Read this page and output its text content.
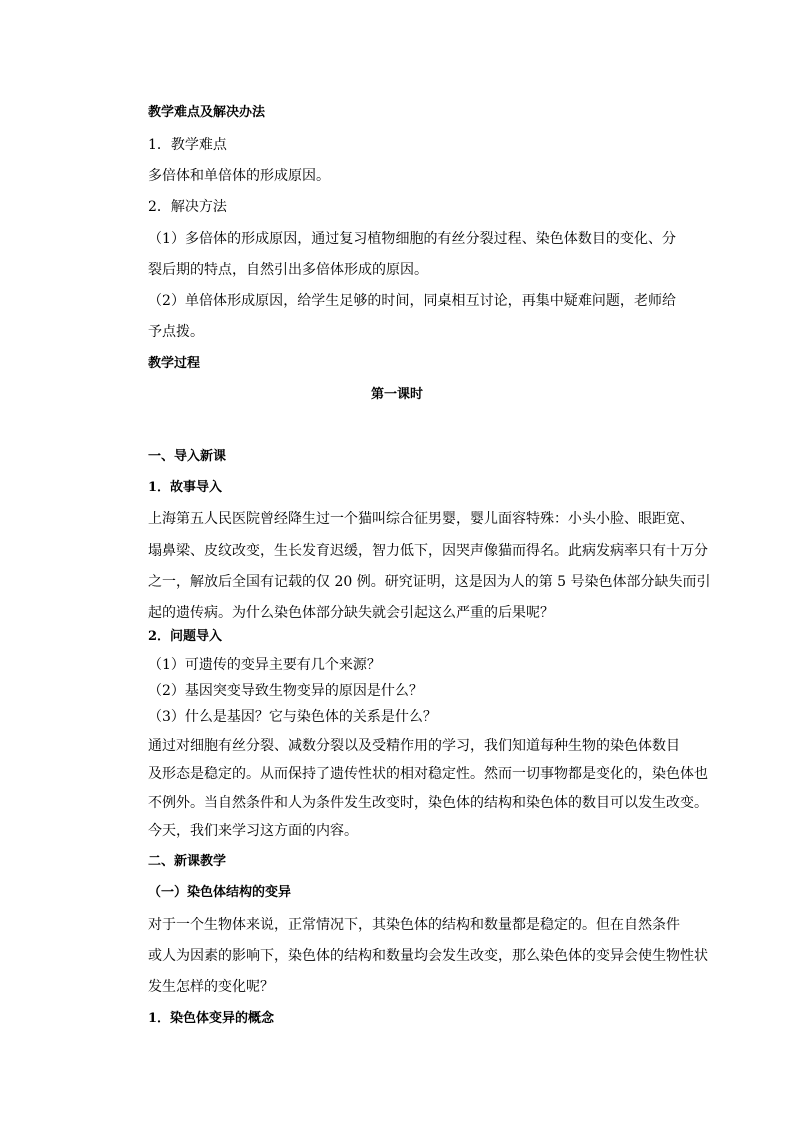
教学难点及解决办法
1．教学难点
多倍体和单倍体的形成原因。
2．解决方法
（1）多倍体的形成原因，通过复习植物细胞的有丝分裂过程、染色体数目的变化、分
裂后期的特点，自然引出多倍体形成的原因。
（2）单倍体形成原因，给学生足够的时间，同桌相互讨论，再集中疑难问题，老师给
予点拨。
教学过程
第一课时
一、导入新课
1．故事导入
上海第五人民医院曾经降生过一个猫叫综合征男婴，婴儿面容特殊：小头小脸、眼距宽、
塌鼻梁、皮纹改变，生长发育迟缓，智力低下，因哭声像猫而得名。此病发病率只有十万分
之一，解放后全国有记载的仅 20 例。研究证明，这是因为人的第 5 号染色体部分缺失而引
起的遗传病。为什么染色体部分缺失就会引起这么严重的后果呢？
2．问题导入
（1）可遗传的变异主要有几个来源？
（2）基因突变导致生物变异的原因是什么？
（3）什么是基因？它与染色体的关系是什么？
通过对细胞有丝分裂、减数分裂以及受精作用的学习，我们知道每种生物的染色体数目
及形态是稳定的。从而保持了遗传性状的相对稳定性。然而一切事物都是变化的，染色体也
不例外。当自然条件和人为条件发生改变时，染色体的结构和染色体的数目可以发生改变。
今天，我们来学习这方面的内容。
二、新课教学
（一）染色体结构的变异
对于一个生物体来说，正常情况下，其染色体的结构和数量都是稳定的。但在自然条件
或人为因素的影响下，染色体的结构和数量均会发生改变，那么染色体的变异会使生物性状
发生怎样的变化呢？
1．染色体变异的概念
